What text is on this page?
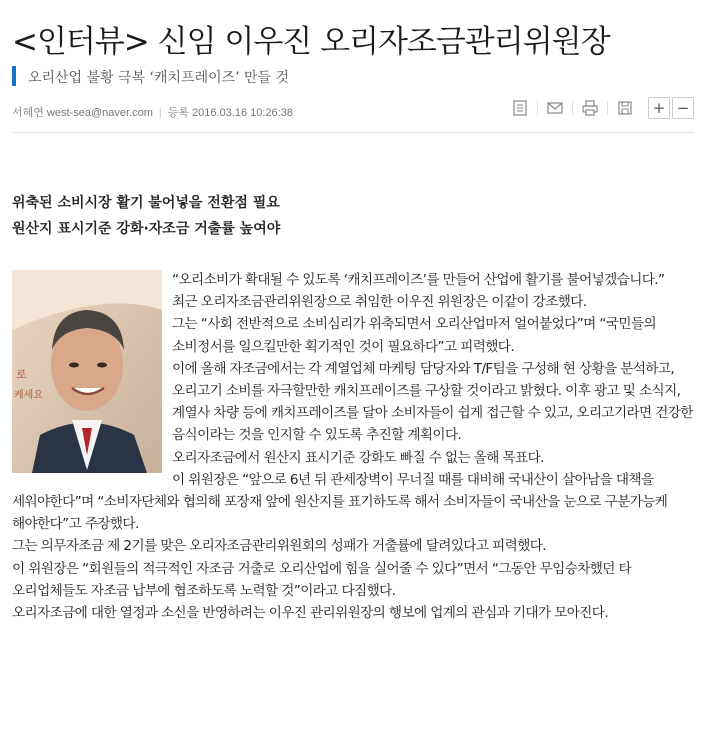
<인터뷰> 신임 이우진 오리자조금관리위원장
오리산업 불황 극복 ‘캐치프레이즈’ 만들 것
서혜연 west-sea@naver.com | 등록 2016.03.16 10:26:38	+ −
위축된 소비시장 활기 불어넣을 전환점 필요
원산지 표시기준 강화·자조금 거출률 높여야
로
케세요

“오리소비가 확대될 수 있도록 ‘캐치프레이즈’를 만들어 산업에 활기를 불어넣겠습니다.”

최근 오리자조금관리위원장으로 취임한 이우진 위원장은 이같이 강조했다.

그는 “사회 전반적으로 소비심리가 위축되면서 오리산업마저 얼어붙었다”며 “국민들의 소비정서를 일으킬만한 획기적인 것이 필요하다”고 피력했다.

이에 올해 자조금에서는 각 계열업체 마케팅 담당자와 T/F팀을 구성해 현 상황을 분석하고, 오리고기 소비를 자극할만한 캐치프레이즈를 구상할 것이라고 밝혔다. 이후 광고 및 소식지, 계열사 차량 등에 캐치프레이즈를 달아 소비자들이 쉽게 접근할 수 있고, 오리고기라면 건강한 음식이라는 것을 인지할 수 있도록 추진할 계획이다.

오리자조금에서 원산지 표시기준 강화도 빠질 수 없는 올해 목표다.

이 위원장은 “앞으로 6년 뒤 관세장벽이 무너질 때를 대비해 국내산이 살아남을 대책을 세워야한다”며 “소비자단체와 협의해 포장재 앞에 원산지를 표기하도록 해서 소비자들이 국내산을 눈으로 구분가능케 해야한다”고 주장했다.

그는 의무자조금 제 2기를 맞은 오리자조금관리위원회의 성패가 거출률에 달려있다고 피력했다.

이 위원장은 “회원들의 적극적인 자조금 거출로 오리산업에 힘을 실어줄 수 있다”면서 “그동안 무임승차했던 타 오리업체들도 자조금 납부에 협조하도록 노력할 것”이라고 다짐했다.

오리자조금에 대한 열정과 소신을 반영하려는 이우진 관리위원장의 행보에 업계의 관심과 기대가 모아진다.
